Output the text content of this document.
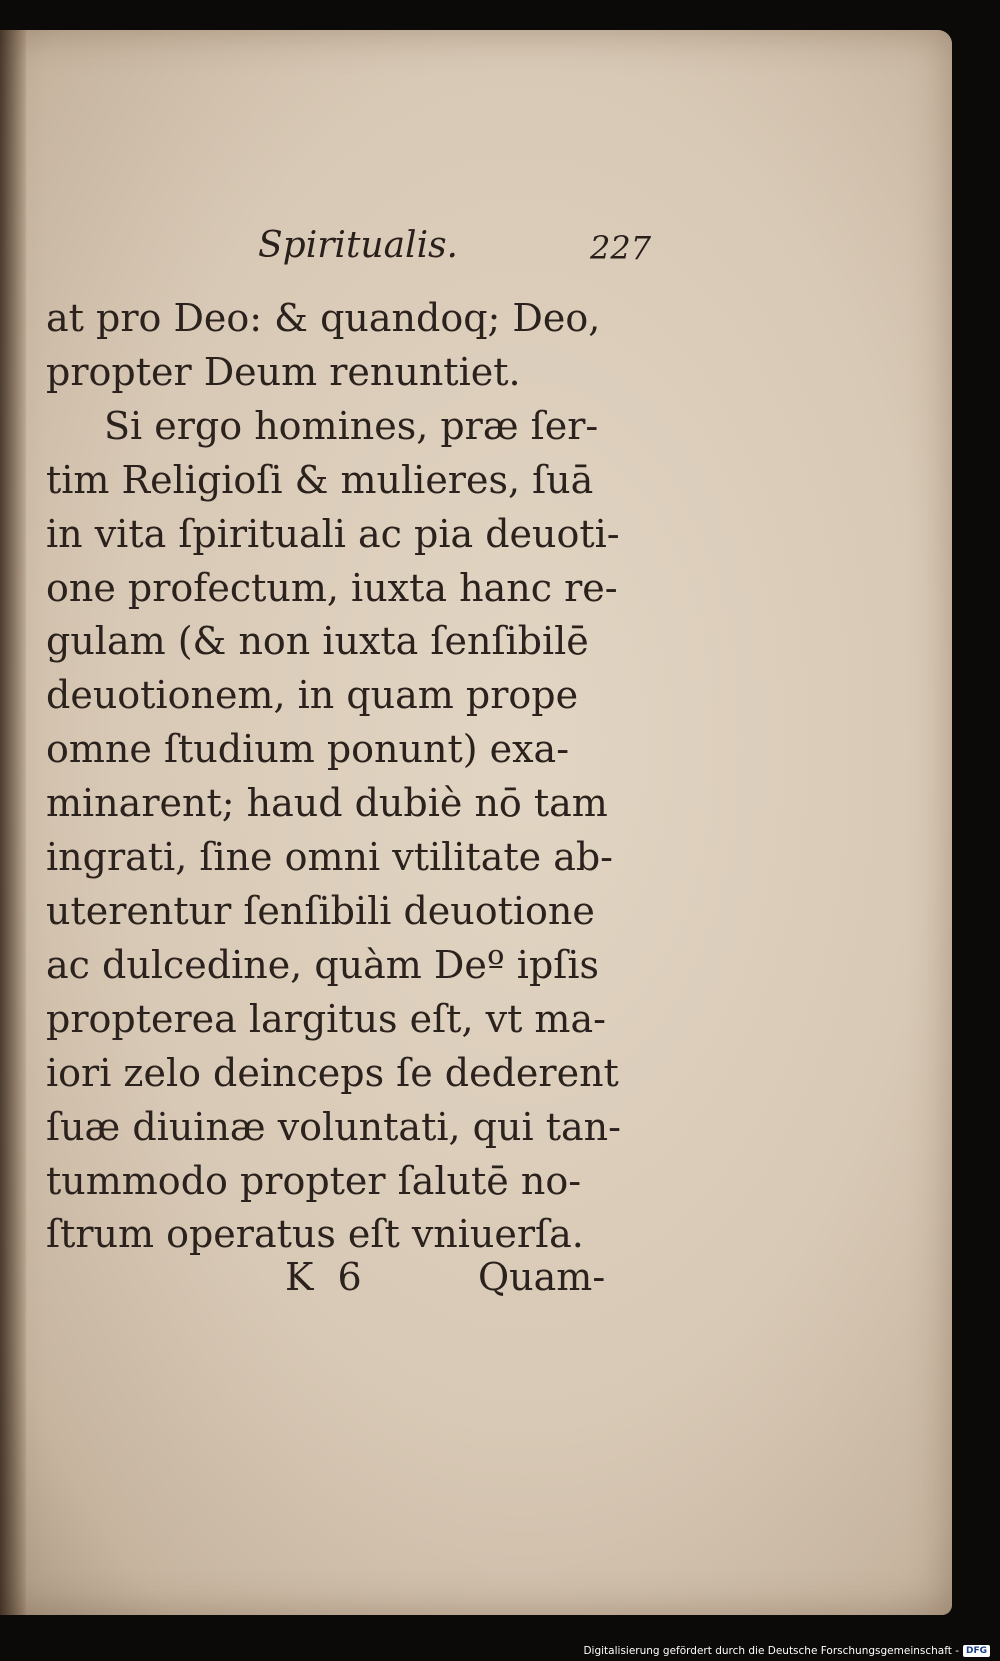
Spiritualis.	227
at pro Deo: & quandoq; Deo,
propter Deum renuntiet.
Si ergo homines, præ ſer-
tim Religioſi & mulieres, ſuā
in vita ſpirituali ac pia deuoti-
one profectum, iuxta hanc re-
gulam (& non iuxta ſenſibilē
deuotionem, in quam prope
omne ſtudium ponunt) exa-
minarent; haud dubiè nō tam
ingrati, ſine omni vtilitate ab-
uterentur ſenſibili deuotione
ac dulcedine, quàm Deº ipſis
propterea largitus eſt, vt ma-
iori zelo deinceps ſe dederent
ſuæ diuinæ voluntati, qui tan-
tummodo propter ſalutē no-
ſtrum operatus eſt vniuerſa.
K 6	Quam-
Digitalisierung gefördert durch die Deutsche Forschungsgemeinschaft - DFG
